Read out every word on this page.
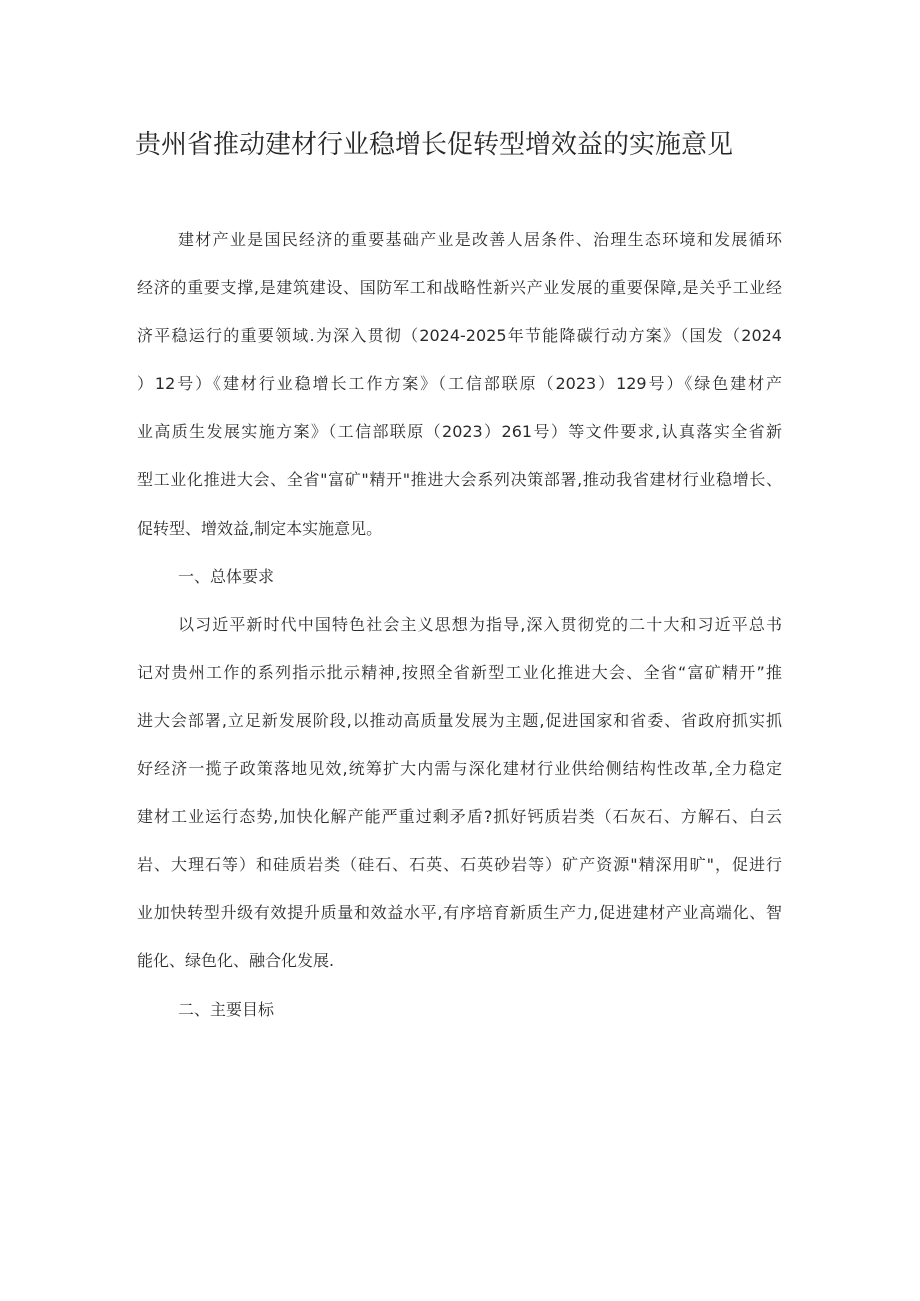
贵州省推动建材行业稳增长促转型增效益的实施意见
建材产业是国民经济的重要基础产业是改善人居条件、治理生态环境和发展循环
经济的重要支撑,是建筑建设、国防军工和战略性新兴产业发展的重要保障,是关乎工业经
济平稳运行的重要领域.为深入贯彻（2024-2025年节能降碳行动方案》（国发（2024
）12号）《建材行业稳增长工作方案》（工信部联原（2023）129号）《绿色建材产
业高质生发展实施方案》（工信部联原（2023）261号）等文件要求,认真落实全省新
型工业化推进大会、全省"富矿"精开"推进大会系列决策部署,推动我省建材行业稳增长、
促转型、增效益,制定本实施意见。
一、总体要求
以习近平新时代中国特色社会主义思想为指导,深入贯彻党的二十大和习近平总书
记对贵州工作的系列指示批示精神,按照全省新型工业化推进大会、全省“富矿精开”推
进大会部署,立足新发展阶段,以推动高质量发展为主题,促进国家和省委、省政府抓实抓
好经济一揽子政策落地见效,统筹扩大内需与深化建材行业供给侧结构性改革,全力稳定
建材工业运行态势,加快化解产能严重过剩矛盾?抓好钙质岩类（石灰石、方解石、白云
岩、大理石等）和硅质岩类（硅石、石英、石英砂岩等）矿产资源"精深用旷"，促进行
业加快转型升级有效提升质量和效益水平,有序培育新质生产力,促进建材产业高端化、智
能化、绿色化、融合化发展.
二、主要目标
